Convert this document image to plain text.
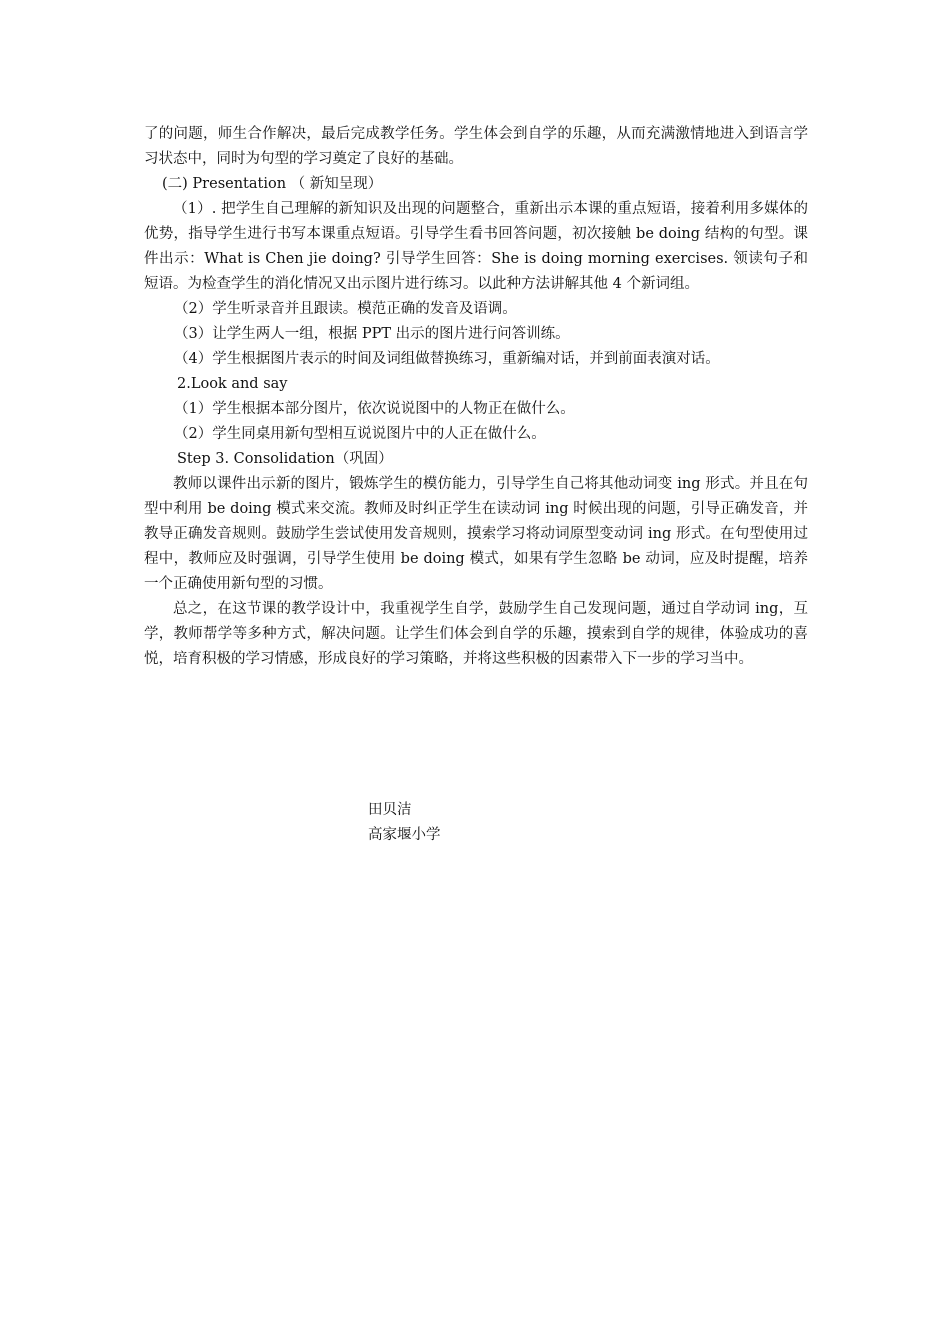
了的问题，师生合作解决，最后完成教学任务。学生体会到自学的乐趣，从而充满激情地进入到语言学习状态中，同时为句型的学习奠定了良好的基础。

(二) Presentation （ 新知呈现）

（1）. 把学生自己理解的新知识及出现的问题整合，重新出示本课的重点短语，接着利用多媒体的优势，指导学生进行书写本课重点短语。引导学生看书回答问题，初次接触 be doing 结构的句型。课件出示：What is Chen jie doing? 引导学生回答：She is doing morning exercises. 领读句子和短语。为检查学生的消化情况又出示图片进行练习。以此种方法讲解其他 4 个新词组。

（2）学生听录音并且跟读。模范正确的发音及语调。

（3）让学生两人一组，根据 PPT 出示的图片进行问答训练。

（4）学生根据图片表示的时间及词组做替换练习，重新编对话，并到前面表演对话。

2.Look and say

（1）学生根据本部分图片，依次说说图中的人物正在做什么。

（2）学生同桌用新句型相互说说图片中的人正在做什么。

Step 3. Consolidation（巩固）

教师以课件出示新的图片，锻炼学生的模仿能力，引导学生自己将其他动词变 ing 形式。并且在句型中利用 be doing 模式来交流。教师及时纠正学生在读动词 ing 时候出现的问题，引导正确发音，并教导正确发音规则。鼓励学生尝试使用发音规则，摸索学习将动词原型变动词 ing 形式。在句型使用过程中，教师应及时强调，引导学生使用 be doing 模式，如果有学生忽略 be 动词，应及时提醒，培养一个正确使用新句型的习惯。

总之，在这节课的教学设计中，我重视学生自学，鼓励学生自己发现问题，通过自学动词 ing，互学，教师帮学等多种方式，解决问题。让学生们体会到自学的乐趣，摸索到自学的规律，体验成功的喜悦，培育积极的学习情感，形成良好的学习策略，并将这些积极的因素带入下一步的学习当中。

田贝洁
高家堰小学
